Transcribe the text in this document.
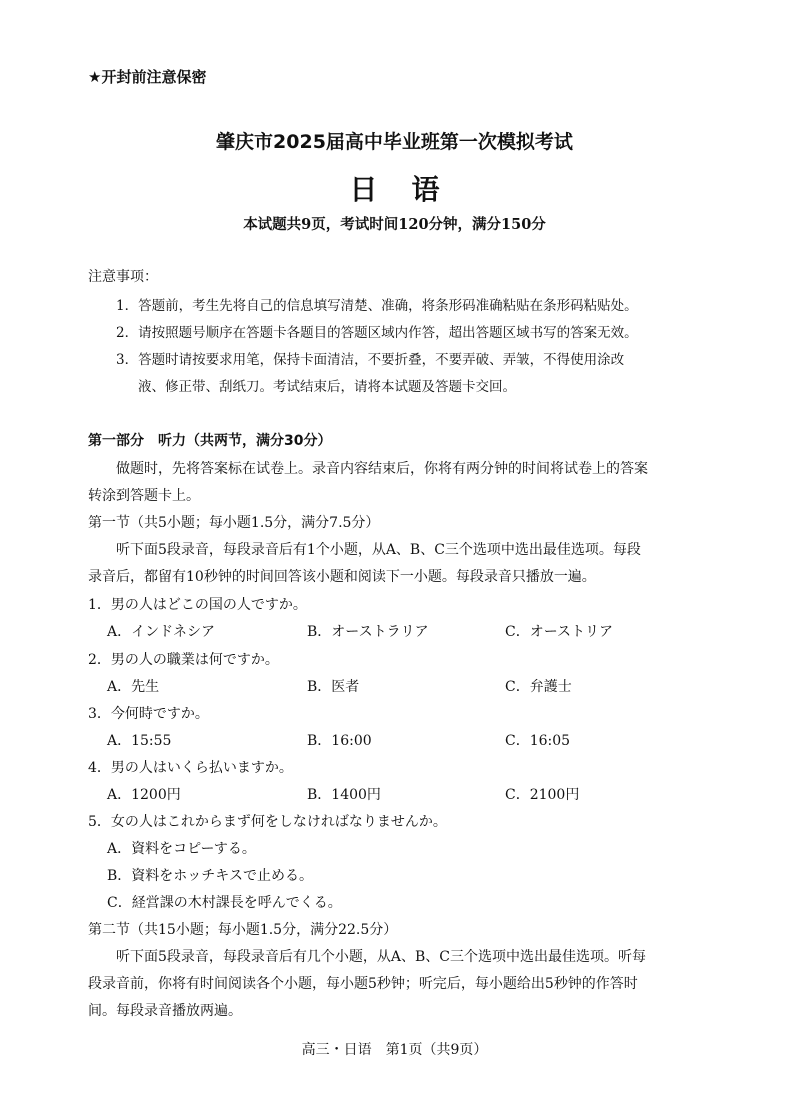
★开封前注意保密
肇庆市2025届高中毕业班第一次模拟考试
日语
本试题共9页，考试时间120分钟，满分150分
注意事项：
1．答题前，考生先将自己的信息填写清楚、准确，将条形码准确粘贴在条形码粘贴处。
2．请按照题号顺序在答题卡各题目的答题区域内作答，超出答题区域书写的答案无效。
3．答题时请按要求用笔，保持卡面清洁，不要折叠，不要弄破、弄皱，不得使用涂改
液、修正带、刮纸刀。考试结束后，请将本试题及答题卡交回。
第一部分　听力（共两节，满分30分）
做题时，先将答案标在试卷上。录音内容结束后，你将有两分钟的时间将试卷上的答案
转涂到答题卡上。
第一节（共5小题；每小题1.5分，满分7.5分）
听下面5段录音，每段录音后有1个小题，从A、B、C三个选项中选出最佳选项。每段
录音后，都留有10秒钟的时间回答该小题和阅读下一小题。每段录音只播放一遍。
1．男の人はどこの国の人ですか。
A．インドネシア	B．オーストラリア	C．オーストリア
2．男の人の職業は何ですか。
A．先生	B．医者	C．弁護士
3．今何時ですか。
A．15:55	B．16:00	C．16:05
4．男の人はいくら払いますか。
A．1200円	B．1400円	C．2100円
5．女の人はこれからまず何をしなければなりませんか。
A．資料をコピーする。
B．資料をホッチキスで止める。
C．経営課の木村課長を呼んでくる。
第二节（共15小题；每小题1.5分，满分22.5分）
听下面5段录音，每段录音后有几个小题，从A、B、C三个选项中选出最佳选项。听每
段录音前，你将有时间阅读各个小题，每小题5秒钟；听完后，每小题给出5秒钟的作答时
间。每段录音播放两遍。
高三・日语　第1页（共9页）
